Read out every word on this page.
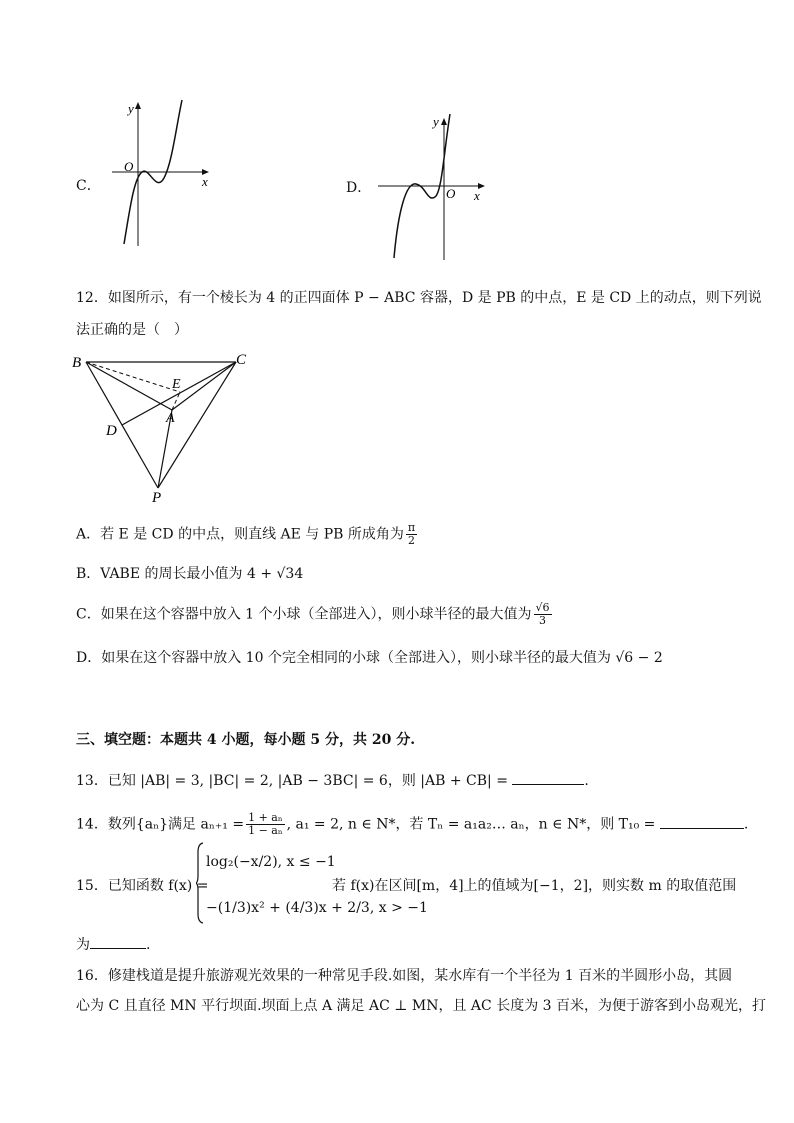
C．
y
x
O
D．
y
x
O
12．如图所示，有一个棱长为 4 的正四面体 P − ABC 容器，D 是 PB 的中点，E 是 CD 上的动点，则下列说
法正确的是（　）
B	C
E
A
D
P
A．若 E 是 CD 的中点，则直线 AE 与 PB 所成角为 $\frac{\pi}{2}$
B．VABE 的周长最小值为 4 + √34
C．如果在这个容器中放入 1 个小球（全部进入），则小球半径的最大值为 $\frac{√6}{3}$
D．如果在这个容器中放入 10 个完全相同的小球（全部进入），则小球半径的最大值为 √6 − 2
三、填空题：本题共 4 小题，每小题 5 分，共 20 分.
13．已知 |AB| = 3, |BC| = 2, |AB − 3BC| = 6，则 |AB + CB| =	.
14．数列{aₙ}满足 $a_{n+1} = \frac{\text{1 + aₙ}}{\text{1 − aₙ}}$ , a₁ = 2, n ∈ N*，若 Tₙ = a₁a₂… aₙ，n ∈ N*，则 T₁₀ =	.
15．已知函数 f(x) =
log₂(−x/2), x ≤ −1
−(1/3)x² + (4/3)x + 2/3, x > −1
若 f(x)在区间[m，4]上的值域为[−1，2]，则实数 m 的取值范围
为	.
16．修建栈道是提升旅游观光效果的一种常见手段.如图，某水库有一个半径为 1 百米的半圆形小岛，其圆
心为 C 且直径 MN 平行坝面.坝面上点 A 满足 AC ⊥ MN，且 AC 长度为 3 百米，为便于游客到小岛观光，打
